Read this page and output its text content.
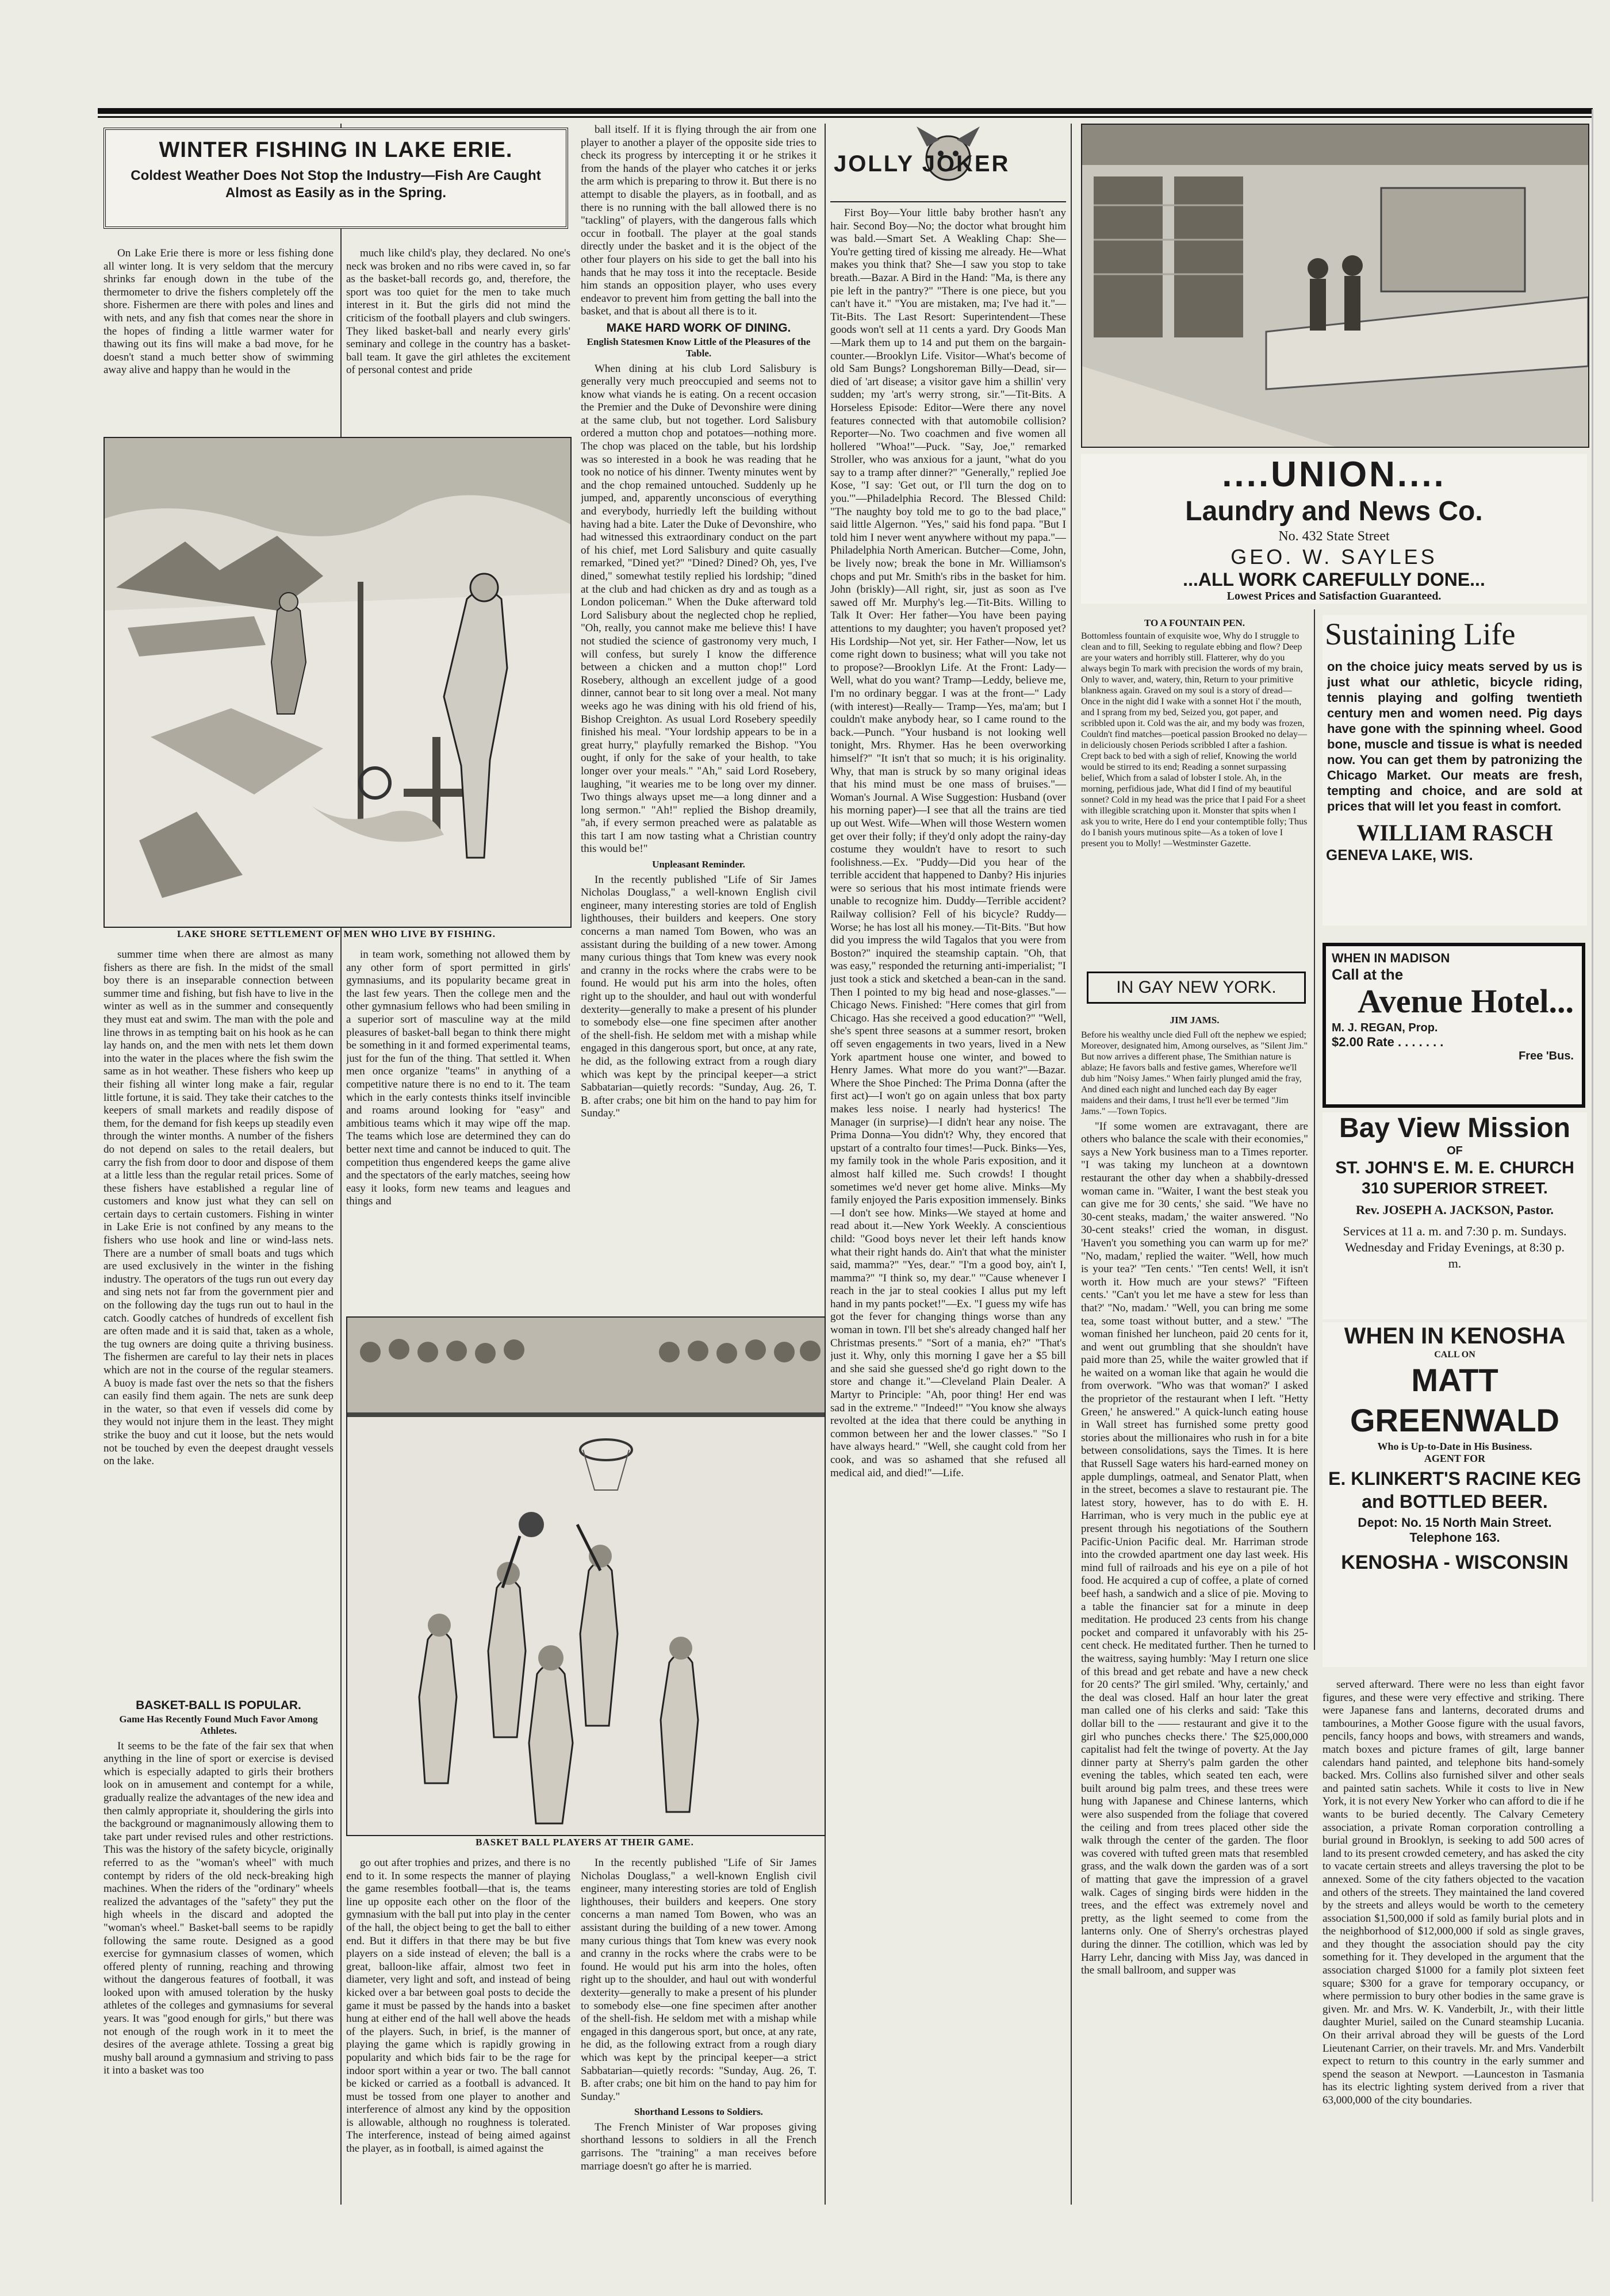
WINTER FISHING IN LAKE ERIE.
Coldest Weather Does Not Stop the Industry—Fish Are Caught Almost as Easily as in the Spring.

On Lake Erie there is more or less fishing done all winter long. It is very seldom that the mercury shrinks far enough down in the tube of the thermometer to drive the fishers completely off the shore. Fishermen are there with poles and lines and with nets, and any fish that comes near the shore in the hopes of finding a little warmer water for thawing out its fins will make a bad move, for he doesn't stand a much better show of swimming away alive and happy than he would in the

much like child's play, they declared. No one's neck was broken and no ribs were caved in, so far as the basket-ball records go, and, therefore, the sport was too quiet for the men to take much interest in it. But the girls did not mind the criticism of the football players and club swingers. They liked basket-ball and nearly every girls' seminary and college in the country has a basket-ball team. It gave the girl athletes the excitement of personal contest and pride

LAKE SHORE SETTLEMENT OF MEN WHO LIVE BY FISHING.

summer time when there are almost as many fishers as there are fish. In the midst of the small boy there is an inseparable connection between summer time and fishing, but fish have to live in the winter as well as in the summer and consequently they must eat and swim. The man with the pole and line throws in as tempting bait on his hook as he can lay hands on, and the men with nets let them down into the water in the places where the fish swim the same as in hot weather. These fishers who keep up their fishing all winter long make a fair, regular little fortune, it is said. They take their catches to the keepers of small markets and readily dispose of them, for the demand for fish keeps up steadily even through the winter months. A number of the fishers do not depend on sales to the retail dealers, but carry the fish from door to door and dispose of them at a little less than the regular retail prices. Some of these fishers have established a regular line of customers and know just what they can sell on certain days to certain customers. Fishing in winter in Lake Erie is not confined by any means to the fishers who use hook and line or wind-lass nets. There are a number of small boats and tugs which are used exclusively in the winter in the fishing industry. The operators of the tugs run out every day and sing nets not far from the government pier and on the following day the tugs run out to haul in the catch. Goodly catches of hundreds of excellent fish are often made and it is said that, taken as a whole, the tug owners are doing quite a thriving business. The fishermen are careful to lay their nets in places which are not in the course of the regular steamers. A buoy is made fast over the nets so that the fishers can easily find them again. The nets are sunk deep in the water, so that even if vessels did come by they would not injure them in the least. They might strike the buoy and cut it loose, but the nets would not be touched by even the deepest draught vessels on the lake.

in team work, something not allowed them by any other form of sport permitted in girls' gymnasiums, and its popularity became great in the last few years. Then the college men and the other gymnasium fellows who had been smiling in a superior sort of masculine way at the mild pleasures of basket-ball began to think there might be something in it and formed experimental teams, just for the fun of the thing. That settled it. When men once organize "teams" in anything of a competitive nature there is no end to it. The team which in the early contests thinks itself invincible and roams around looking for "easy" and ambitious teams which it may wipe off the map. The teams which lose are determined they can do better next time and cannot be induced to quit. The competition thus engendered keeps the game alive and the spectators of the early matches, seeing how easy it looks, form new teams and leagues and things and

BASKET-BALL IS POPULAR.
Game Has Recently Found Much Favor Among Athletes.

It seems to be the fate of the fair sex that when anything in the line of sport or exercise is devised which is especially adapted to girls their brothers look on in amusement and contempt for a while, gradually realize the advantages of the new idea and then calmly appropriate it, shouldering the girls into the background or magnanimously allowing them to take part under revised rules and other restrictions. This was the history of the safety bicycle, originally referred to as the "woman's wheel" with much contempt by riders of the old neck-breaking high machines. When the riders of the "ordinary" wheels realized the advantages of the "safety" they put the high wheels in the discard and adopted the "woman's wheel." Basket-ball seems to be rapidly following the same route. Designed as a good exercise for gymnasium classes of women, which offered plenty of running, reaching and throwing without the dangerous features of football, it was looked upon with amused toleration by the husky athletes of the colleges and gymnasiums for several years. It was "good enough for girls," but there was not enough of the rough work in it to meet the desires of the average athlete. Tossing a great big mushy ball around a gymnasium and striving to pass it into a basket was too

BASKET BALL PLAYERS AT THEIR GAME.

go out after trophies and prizes, and there is no end to it. In some respects the manner of playing the game resembles football—that is, the teams line up opposite each other on the floor of the gymnasium with the ball put into play in the center of the hall, the object being to get the ball to either end. But it differs in that there may be but five players on a side instead of eleven; the ball is a great, balloon-like affair, almost two feet in diameter, very light and soft, and instead of being kicked over a bar between goal posts to decide the game it must be passed by the hands into a basket hung at either end of the hall well above the heads of the players. Such, in brief, is the manner of playing the game which is rapidly growing in popularity and which bids fair to be the rage for indoor sport within a year or two. The ball cannot be kicked or carried as a football is advanced. It must be tossed from one player to another and interference of almost any kind by the opposition is allowable, although no roughness is tolerated. The interference, instead of being aimed against the player, as in football, is aimed against the

ball itself. If it is flying through the air from one player to another a player of the opposite side tries to check its progress by intercepting it or he strikes it from the hands of the player who catches it or jerks the arm which is preparing to throw it. But there is no attempt to disable the players, as in football, and as there is no running with the ball allowed there is no "tackling" of players, with the dangerous falls which occur in football. The player at the goal stands directly under the basket and it is the object of the other four players on his side to get the ball into his hands that he may toss it into the receptacle. Beside him stands an opposition player, who uses every endeavor to prevent him from getting the ball into the basket, and that is about all there is to it.

MAKE HARD WORK OF DINING.
English Statesmen Know Little of the Pleasures of the Table.

When dining at his club Lord Salisbury is generally very much preoccupied and seems not to know what viands he is eating. On a recent occasion the Premier and the Duke of Devonshire were dining at the same club, but not together. Lord Salisbury ordered a mutton chop and potatoes—nothing more. The chop was placed on the table, but his lordship was so interested in a book he was reading that he took no notice of his dinner. Twenty minutes went by and the chop remained untouched. Suddenly up he jumped, and, apparently unconscious of everything and everybody, hurriedly left the building without having had a bite. Later the Duke of Devonshire, who had witnessed this extraordinary conduct on the part of his chief, met Lord Salisbury and quite casually remarked, "Dined yet?" "Dined? Dined? Oh, yes, I've dined," somewhat testily replied his lordship; "dined at the club and had chicken as dry and as tough as a London policeman." When the Duke afterward told Lord Salisbury about the neglected chop he replied, "Oh, really, you cannot make me believe this! I have not studied the science of gastronomy very much, I will confess, but surely I know the difference between a chicken and a mutton chop!" Lord Rosebery, although an excellent judge of a good dinner, cannot bear to sit long over a meal. Not many weeks ago he was dining with his old friend of his, Bishop Creighton. As usual Lord Rosebery speedily finished his meal. "Your lordship appears to be in a great hurry," playfully remarked the Bishop. "You ought, if only for the sake of your health, to take longer over your meals." "Ah," said Lord Rosebery, laughing, "it wearies me to be long over my dinner. Two things always upset me—a long dinner and a long sermon." "Ah!" replied the Bishop dreamily, "ah, if every sermon preached were as palatable as this tart I am now tasting what a Christian country this would be!"

Unpleasant Reminder.

In the recently published "Life of Sir James Nicholas Douglass," a well-known English civil engineer, many interesting stories are told of English lighthouses, their builders and keepers. One story concerns a man named Tom Bowen, who was an assistant during the building of a new tower. Among many curious things that Tom knew was every nook and cranny in the rocks where the crabs were to be found. He would put his arm into the holes, often right up to the shoulder, and haul out with wonderful dexterity—generally to make a present of his plunder to somebody else—one fine specimen after another of the shell-fish. He seldom met with a mishap while engaged in this dangerous sport, but once, at any rate, he did, as the following extract from a rough diary which was kept by the principal keeper—a strict Sabbatarian—quietly records: "Sunday, Aug. 26, T. B. after crabs; one bit him on the hand to pay him for Sunday."

In the recently published "Life of Sir James Nicholas Douglass," a well-known English civil engineer, many interesting stories are told of English lighthouses, their builders and keepers. One story concerns a man named Tom Bowen, who was an assistant during the building of a new tower. Among many curious things that Tom knew was every nook and cranny in the rocks where the crabs were to be found. He would put his arm into the holes, often right up to the shoulder, and haul out with wonderful dexterity—generally to make a present of his plunder to somebody else—one fine specimen after another of the shell-fish. He seldom met with a mishap while engaged in this dangerous sport, but once, at any rate, he did, as the following extract from a rough diary which was kept by the principal keeper—a strict Sabbatarian—quietly records: "Sunday, Aug. 26, T. B. after crabs; one bit him on the hand to pay him for Sunday."

Shorthand Lessons to Soldiers.

The French Minister of War proposes giving shorthand lessons to soldiers in all the French garrisons. The "training" a man receives before marriage doesn't go after he is married.

JOLLY JOKER

First Boy—Your little baby brother hasn't any hair. Second Boy—No; the doctor what brought him was bald.—Smart Set. A Weakling Chap: She—You're getting tired of kissing me already. He—What makes you think that? She—I saw you stop to take breath.—Bazar. A Bird in the Hand: "Ma, is there any pie left in the pantry?" "There is one piece, but you can't have it." "You are mistaken, ma; I've had it."—Tit-Bits. The Last Resort: Superintendent—These goods won't sell at 11 cents a yard. Dry Goods Man—Mark them up to 14 and put them on the bargain-counter.—Brooklyn Life. Visitor—What's become of old Sam Bungs? Longshoreman Billy—Dead, sir—died of 'art disease; a visitor gave him a shillin' very sudden; my 'art's werry strong, sir."—Tit-Bits. A Horseless Episode: Editor—Were there any novel features connected with that automobile collision? Reporter—No. Two coachmen and five women all hollered "Whoa!"—Puck. "Say, Joe," remarked Stroller, who was anxious for a jaunt, "what do you say to a tramp after dinner?" "Generally," replied Joe Kose, "I say: 'Get out, or I'll turn the dog on to you.'"—Philadelphia Record. The Blessed Child: "The naughty boy told me to go to the bad place," said little Algernon. "Yes," said his fond papa. "But I told him I never went anywhere without my papa."—Philadelphia North American. Butcher—Come, John, be lively now; break the bone in Mr. Williamson's chops and put Mr. Smith's ribs in the basket for him. John (briskly)—All right, sir, just as soon as I've sawed off Mr. Murphy's leg.—Tit-Bits. Willing to Talk It Over: Her father—You have been paying attentions to my daughter; you haven't proposed yet? His Lordship—Not yet, sir. Her Father—Now, let us come right down to business; what will you take not to propose?—Brooklyn Life. At the Front: Lady—Well, what do you want? Tramp—Leddy, believe me, I'm no ordinary beggar. I was at the front—" Lady (with interest)—Really— Tramp—Yes, ma'am; but I couldn't make anybody hear, so I came round to the back.—Punch. "Your husband is not looking well tonight, Mrs. Rhymer. Has he been overworking himself?" "It isn't that so much; it is his originality. Why, that man is struck by so many original ideas that his mind must be one mass of bruises."—Woman's Journal. A Wise Suggestion: Husband (over his morning paper)—I see that all the trains are tied up out West. Wife—When will those Western women get over their folly; if they'd only adopt the rainy-day costume they wouldn't have to resort to such foolishness.—Ex. "Puddy—Did you hear of the terrible accident that happened to Danby? His injuries were so serious that his most intimate friends were unable to recognize him. Duddy—Terrible accident? Railway collision? Fell of his bicycle? Ruddy—Worse; he has lost all his money.—Tit-Bits. "But how did you impress the wild Tagalos that you were from Boston?" inquired the steamship captain. "Oh, that was easy," responded the returning anti-imperialist; "I just took a stick and sketched a bean-can in the sand. Then I pointed to my big head and nose-glasses."—Chicago News. Finished: "Here comes that girl from Chicago. Has she received a good education?" "Well, she's spent three seasons at a summer resort, broken off seven engagements in two years, lived in a New York apartment house one winter, and bowed to Henry James. What more do you want?"—Bazar. Where the Shoe Pinched: The Prima Donna (after the first act)—I won't go on again unless that box party makes less noise. I nearly had hysterics! The Manager (in surprise)—I didn't hear any noise. The Prima Donna—You didn't? Why, they encored that upstart of a contralto four times!—Puck. Binks—Yes, my family took in the whole Paris exposition, and it almost half killed me. Such crowds! I thought sometimes we'd never get home alive. Minks—My family enjoyed the Paris exposition immensely. Binks—I don't see how. Minks—We stayed at home and read about it.—New York Weekly. A conscientious child: "Good boys never let their left hands know what their right hands do. Ain't that what the minister said, mamma?" "Yes, dear." "I'm a good boy, ain't I, mamma?" "I think so, my dear." "'Cause whenever I reach in the jar to steal cookies I allus put my left hand in my pants pocket!"—Ex. "I guess my wife has got the fever for changing things worse than any woman in town. I'll bet she's already changed half her Christmas presents." "Sort of a mania, eh?" "That's just it. Why, only this morning I gave her a $5 bill and she said she guessed she'd go right down to the store and change it."—Cleveland Plain Dealer. A Martyr to Principle: "Ah, poor thing! Her end was sad in the extreme." "Indeed!" "You know she always revolted at the idea that there could be anything in common between her and the lower classes." "So I have always heard." "Well, she caught cold from her cook, and was so ashamed that she refused all medical aid, and died!"—Life.

....UNION....
Laundry and News Co.
No. 432 State Street
GEO. W. SAYLES
...ALL WORK CAREFULLY DONE...
Lowest Prices and Satisfaction Guaranteed.
TO A FOUNTAIN PEN.

Bottomless fountain of exquisite woe, Why do I struggle to clean and to fill, Seeking to regulate ebbing and flow? Deep are your waters and horribly still. Flatterer, why do you always begin To mark with precision the words of my brain, Only to waver, and, watery, thin, Return to your primitive blankness again. Graved on my soul is a story of dread—Once in the night did I wake with a sonnet Hot i' the mouth, and I sprang from my bed, Seized you, got paper, and scribbled upon it. Cold was the air, and my body was frozen, Couldn't find matches—poetical passion Brooked no delay—in deliciously chosen Periods scribbled I after a fashion. Crept back to bed with a sigh of relief, Knowing the world would be stirred to its end; Reading a sonnet surpassing belief, Which from a salad of lobster I stole. Ah, in the morning, perfidious jade, What did I find of my beautiful sonnet? Cold in my head was the price that I paid For a sheet with illegible scratching upon it. Monster that spits when I ask you to write, Here do I end your contemptible folly; Thus do I banish yours mutinous spite—As a token of love I present you to Molly! —Westminster Gazette.

IN GAY NEW YORK.
JIM JAMS.

Before his wealthy uncle died Full oft the nephew we espied; Moreover, designated him, Among ourselves, as "Silent Jim." But now arrives a different phase, The Smithian nature is ablaze; He favors balls and festive games, Wherefore we'll dub him "Noisy James." When fairly plunged amid the fray, And dined each night and lunched each day By eager maidens and their dams, I trust he'll ever be termed "Jim Jams." —Town Topics.

"If some women are extravagant, there are others who balance the scale with their economies," says a New York business man to a Times reporter. "I was taking my luncheon at a downtown restaurant the other day when a shabbily-dressed woman came in. "Waiter, I want the best steak you can give me for 30 cents,' she said. "We have no 30-cent steaks, madam,' the waiter answered. "No 30-cent steaks!' cried the woman, in disgust. 'Haven't you something you can warm up for me?' "No, madam,' replied the waiter. "Well, how much is your tea?' "Ten cents.' "Ten cents! Well, it isn't worth it. How much are your stews?' "Fifteen cents.' "Can't you let me have a stew for less than that?' "No, madam.' "Well, you can bring me some tea, some toast without butter, and a stew.' "The woman finished her luncheon, paid 20 cents for it, and went out grumbling that she shouldn't have paid more than 25, while the waiter growled that if he waited on a woman like that again he would die from overwork. "Who was that woman?' I asked the proprietor of the restaurant when I left. "Hetty Green,' he answered." A quick-lunch eating house in Wall street has furnished some pretty good stories about the millionaires who rush in for a bite between consolidations, says the Times. It is here that Russell Sage waters his hard-earned money on apple dumplings, oatmeal, and Senator Platt, when in the street, becomes a slave to restaurant pie. The latest story, however, has to do with E. H. Harriman, who is very much in the public eye at present through his negotiations of the Southern Pacific-Union Pacific deal. Mr. Harriman strode into the crowded apartment one day last week. His mind full of railroads and his eye on a pile of hot food. He acquired a cup of coffee, a plate of corned beef hash, a sandwich and a slice of pie. Moving to a table the financier sat for a minute in deep meditation. He produced 23 cents from his change pocket and compared it unfavorably with his 25-cent check. He meditated further. Then he turned to the waitress, saying humbly: 'May I return one slice of this bread and get rebate and have a new check for 20 cents?' The girl smiled. 'Why, certainly,' and the deal was closed. Half an hour later the great man called one of his clerks and said: 'Take this dollar bill to the —— restaurant and give it to the girl who punches checks there.' The $25,000,000 capitalist had felt the twinge of poverty. At the Jay dinner party at Sherry's palm garden the other evening the tables, which seated ten each, were built around big palm trees, and these trees were hung with Japanese and Chinese lanterns, which were also suspended from the foliage that covered the ceiling and from trees placed other side the walk through the center of the garden. The floor was covered with tufted green mats that resembled grass, and the walk down the garden was of a sort of matting that gave the impression of a gravel walk. Cages of singing birds were hidden in the trees, and the effect was extremely novel and pretty, as the light seemed to come from the lanterns only. One of Sherry's orchestras played during the dinner. The cotillion, which was led by Harry Lehr, dancing with Miss Jay, was danced in the small ballroom, and supper was

Sustaining Life
on the choice juicy meats served by us is just what our athletic, bicycle riding, tennis playing and golfing twentieth century men and women need. Pig days have gone with the spinning wheel. Good bone, muscle and tissue is what is needed now. You can get them by patronizing the Chicago Market. Our meats are fresh, tempting and choice, and are sold at prices that will let you feast in comfort.
WILLIAM RASCH
GENEVA LAKE, WIS.
WHEN IN MADISON
Call at the
Avenue Hotel...
M. J. REGAN, Prop.
$2.00 Rate . . . . . . .
Free 'Bus.
Bay View Mission
OF
ST. JOHN'S E. M. E. CHURCH
310 SUPERIOR STREET.
Rev. JOSEPH A. JACKSON, Pastor.
Services at 11 a. m. and 7:30 p. m. Sundays. Wednesday and Friday Evenings, at 8:30 p. m.
WHEN IN KENOSHA
CALL ON
MATT GREENWALD
Who is Up-to-Date in His Business.
AGENT FOR
E. KLINKERT'S RACINE KEG and BOTTLED BEER.
Depot: No. 15 North Main Street.
Telephone 163.
KENOSHA - WISCONSIN

served afterward. There were no less than eight favor figures, and these were very effective and striking. There were Japanese fans and lanterns, decorated drums and tambourines, a Mother Goose figure with the usual favors, pencils, fancy hoops and bows, with streamers and wands, match boxes and picture frames of gilt, large banner calendars hand painted, and telephone bits hand-somely backed. Mrs. Collins also furnished silver and other seals and painted satin sachets. While it costs to live in New York, it is not every New Yorker who can afford to die if he wants to be buried decently. The Calvary Cemetery association, a private Roman corporation controlling a burial ground in Brooklyn, is seeking to add 500 acres of land to its present crowded cemetery, and has asked the city to vacate certain streets and alleys traversing the plot to be annexed. Some of the city fathers objected to the vacation and others of the streets. They maintained the land covered by the streets and alleys would be worth to the cemetery association $1,500,000 if sold as family burial plots and in the neighborhood of $12,000,000 if sold as single graves, and they thought the association should pay the city something for it. They developed in the argument that the association charged $1000 for a family plot sixteen feet square; $300 for a grave for temporary occupancy, or where permission to bury other bodies in the same grave is given. Mr. and Mrs. W. K. Vanderbilt, Jr., with their little daughter Muriel, sailed on the Cunard steamship Lucania. On their arrival abroad they will be guests of the Lord Lieutenant Carrier, on their travels. Mr. and Mrs. Vanderbilt expect to return to this country in the early summer and spend the season at Newport. —Launceston in Tasmania has its electric lighting system derived from a river that 63,000,000 of the city boundaries.
